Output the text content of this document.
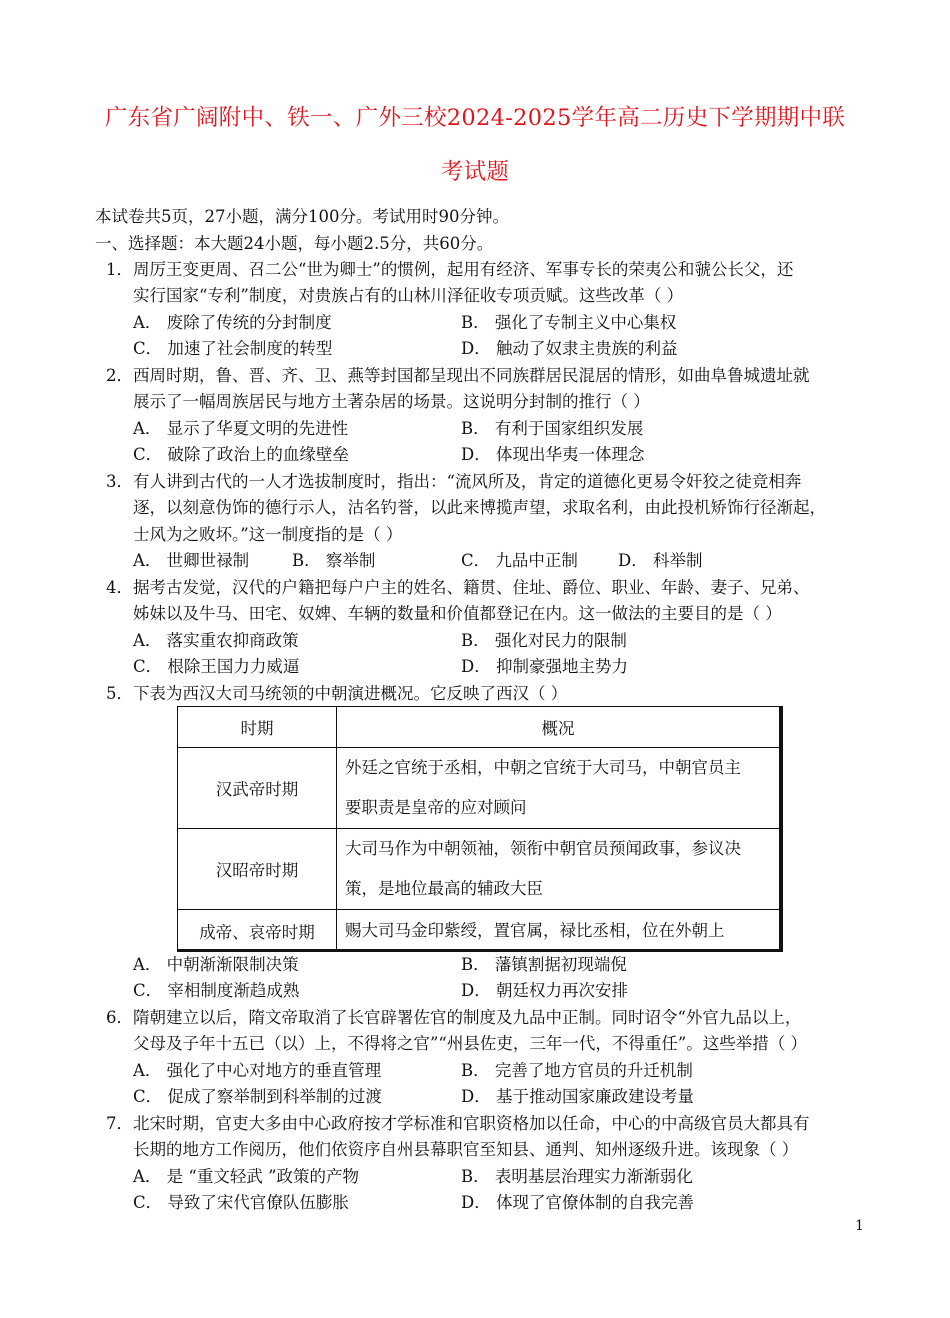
广东省广阔附中、铁一、广外三校2024-2025学年高二历史下学期期中联
考试题
本试卷共5页，27小题，满分100分。考试用时90分钟。
一、选择题：本大题24小题，每小题2.5分，共60分。
1．周厉王变更周、召二公“世为卿士”的惯例，起用有经济、军事专长的荣夷公和虢公长父，还
实行国家“专利”制度，对贵族占有的山林川泽征收专项贡赋。这些改革（ ）
A． 废除了传统的分封制度	B． 强化了专制主义中心集权
C． 加速了社会制度的转型	D． 触动了奴隶主贵族的利益
2．西周时期，鲁、晋、齐、卫、燕等封国都呈现出不同族群居民混居的情形，如曲阜鲁城遗址就
展示了一幅周族居民与地方土著杂居的场景。这说明分封制的推行（ ）
A． 显示了华夏文明的先进性	B． 有利于国家组织发展
C． 破除了政治上的血缘壁垒	D． 体现出华夷一体理念
3．有人讲到古代的一人才选拔制度时，指出：“流风所及，肯定的道德化更易令奸狡之徒竞相奔
逐，以刻意伪饰的德行示人，沽名钓誉，以此来博揽声望，求取名利，由此投机矫饰行径渐起，
士风为之败坏。”这一制度指的是（ ）
A． 世卿世禄制	B． 察举制	C． 九品中正制 D． 科举制
4．据考古发觉，汉代的户籍把每户户主的姓名、籍贯、住址、爵位、职业、年龄、妻子、兄弟、
姊妹以及牛马、田宅、奴婢、车辆的数量和价值都登记在内。这一做法的主要目的是（ ）
A． 落实重农抑商政策	B． 强化对民力的限制
C． 根除王国力力威逼	D． 抑制豪强地主势力
5．下表为西汉大司马统领的中朝演进概况。它反映了西汉（ ）
时期	概况
汉武帝时期	外廷之官统于丞相，中朝之官统于大司马，中朝官员主
要职责是皇帝的应对顾问

汉昭帝时期	大司马作为中朝领袖，领衔中朝官员预闻政事，参议决
策，是地位最高的辅政大臣

成帝、哀帝时期	赐大司马金印紫绶，置官属，禄比丞相，位在外朝上
A． 中朝渐渐限制决策	B． 藩镇割据初现端倪
C． 宰相制度渐趋成熟	D． 朝廷权力再次安排
6．隋朝建立以后，隋文帝取消了长官辟署佐官的制度及九品中正制。同时诏令“外官九品以上，
父母及子年十五已（以）上，不得将之官”“州县佐吏，三年一代，不得重任”。这些举措（ ）
A． 强化了中心对地方的垂直管理	B． 完善了地方官员的升迁机制
C． 促成了察举制到科举制的过渡	D． 基于推动国家廉政建设考量
7．北宋时期，官吏大多由中心政府按才学标准和官职资格加以任命，中心的中高级官员大都具有
长期的地方工作阅历，他们依资序自州县幕职官至知县、通判、知州逐级升进。该现象（ ）
A． 是 “重文轻武 ”政策的产物	B． 表明基层治理实力渐渐弱化
C． 导致了宋代官僚队伍膨胀	D． 体现了官僚体制的自我完善
1
